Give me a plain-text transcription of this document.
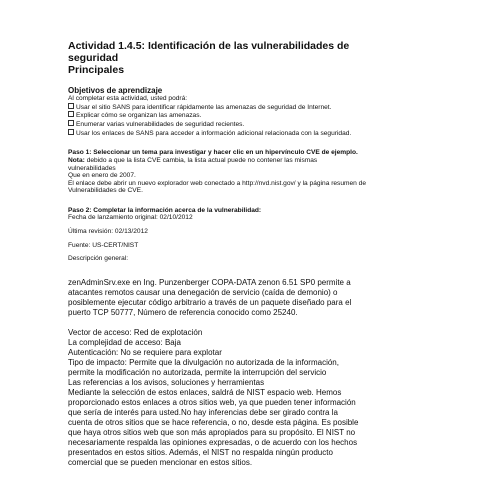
Actividad 1.4.5: Identificación de las vulnerabilidades de
seguridad
Principales
Objetivos de aprendizaje
Al completar esta actividad, usted podrá:
Usar el sitio SANS para identificar rápidamente las amenazas de seguridad de Internet.
Explicar cómo se organizan las amenazas.
Enumerar varias vulnerabilidades de seguridad recientes.
Usar los enlaces de SANS para acceder a información adicional relacionada con la seguridad.
Paso 1: Seleccionar un tema para investigar y hacer clic en un hipervínculo CVE de ejemplo.
Nota: debido a que la lista CVE cambia, la lista actual puede no contener las mismas
vulnerabilidades
Que en enero de 2007.
El enlace debe abrir un nuevo explorador web conectado a http://nvd.nist.gov/ y la página resumen de
Vulnerabilidades de CVE.
Paso 2: Completar la información acerca de la vulnerabilidad:
Fecha de lanzamiento original: 02/10/2012
Última revisión: 02/13/2012
Fuente: US-CERT/NIST
Descripción general:
zenAdminSrv.exe en Ing. Punzenberger COPA-DATA zenon 6.51 SP0 permite a
atacantes remotos causar una denegación de servicio (caída de demonio) o
posiblemente ejecutar código arbitrario a través de un paquete diseñado para el
puerto TCP 50777, Número de referencia conocido como 25240.
Vector de acceso: Red de explotación
La complejidad de acceso: Baja
Autenticación: No se requiere para explotar
Tipo de impacto: Permite que la divulgación no autorizada de la información,
permite la modificación no autorizada, permite la interrupción del servicio
Las referencias a los avisos, soluciones y herramientas
Mediante la selección de estos enlaces, saldrá de NIST espacio web. Hemos
proporcionado estos enlaces a otros sitios web, ya que pueden tener información
que sería de interés para usted.No hay inferencias debe ser girado contra la
cuenta de otros sitios que se hace referencia, o no, desde esta página. Es posible
que haya otros sitios web que son más apropiados para su propósito. El NIST no
necesariamente respalda las opiniones expresadas, o de acuerdo con los hechos
presentados en estos sitios. Además, el NIST no respalda ningún producto
comercial que se pueden mencionar en estos sitios.
